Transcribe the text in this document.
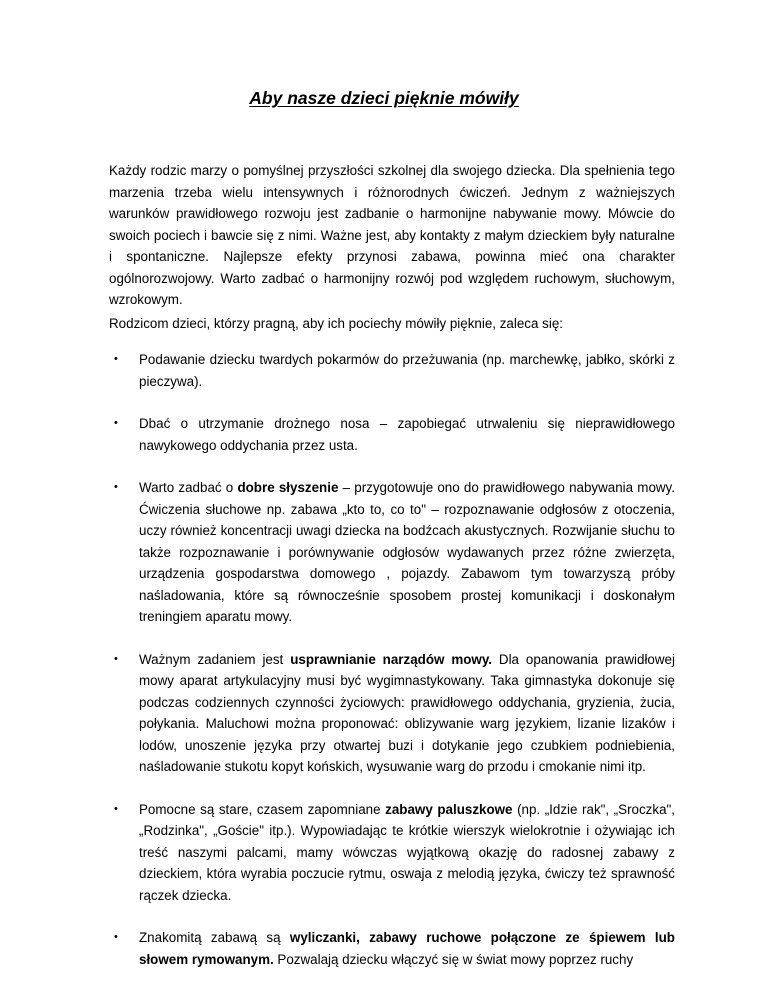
Aby nasze dzieci pięknie mówiły

Każdy rodzic marzy o pomyślnej przyszłości szkolnej dla swojego dziecka. Dla spełnienia tego marzenia trzeba wielu intensywnych i różnorodnych ćwiczeń. Jednym z ważniejszych warunków prawidłowego rozwoju jest zadbanie o harmonijne nabywanie mowy. Mówcie do swoich pociech i bawcie się z nimi. Ważne jest, aby kontakty z małym dzieckiem były naturalne i spontaniczne. Najlepsze efekty przynosi zabawa, powinna mieć ona charakter ogólnorozwojowy. Warto zadbać o harmonijny rozwój pod względem ruchowym, słuchowym, wzrokowym.

Rodzicom dzieci, którzy pragną, aby ich pociechy mówiły pięknie, zaleca się:

• Podawanie dziecku twardych pokarmów do przeżuwania (np. marchewkę, jabłko, skórki z pieczywa).
• Dbać o utrzymanie drożnego nosa – zapobiegać utrwaleniu się nieprawidłowego nawykowego oddychania przez usta.
• Warto zadbać o dobre słyszenie – przygotowuje ono do prawidłowego nabywania mowy. Ćwiczenia słuchowe np. zabawa „kto to, co to" – rozpoznawanie odgłosów z otoczenia, uczy również koncentracji uwagi dziecka na bodźcach akustycznych. Rozwijanie słuchu to także rozpoznawanie i porównywanie odgłosów wydawanych przez różne zwierzęta, urządzenia gospodarstwa domowego , pojazdy. Zabawom tym towarzyszą próby naśladowania, które są równocześnie sposobem prostej komunikacji i doskonałym treningiem aparatu mowy.
• Ważnym zadaniem jest usprawnianie narządów mowy. Dla opanowania prawidłowej mowy aparat artykulacyjny musi być wygimnastykowany. Taka gimnastyka dokonuje się podczas codziennych czynności życiowych: prawidłowego oddychania, gryzienia, żucia, połykania. Maluchowi można proponować: oblizywanie warg językiem, lizanie lizaków i lodów, unoszenie języka przy otwartej buzi i dotykanie jego czubkiem podniebienia, naśladowanie stukotu kopyt końskich, wysuwanie warg do przodu i cmokanie nimi itp.
• Pomocne są stare, czasem zapomniane zabawy paluszkowe (np. „Idzie rak", „Sroczka", „Rodzinka", „Goście" itp.). Wypowiadając te krótkie wierszyk wielokrotnie i ożywiając ich treść naszymi palcami, mamy wówczas wyjątkową okazję do radosnej zabawy z dzieckiem, która wyrabia poczucie rytmu, oswaja z melodią języka, ćwiczy też sprawność rączek dziecka.
• Znakomitą zabawą są wyliczanki, zabawy ruchowe połączone ze śpiewem lub słowem rymowanym. Pozwalają dziecku włączyć się w świat mowy poprzez ruchy
